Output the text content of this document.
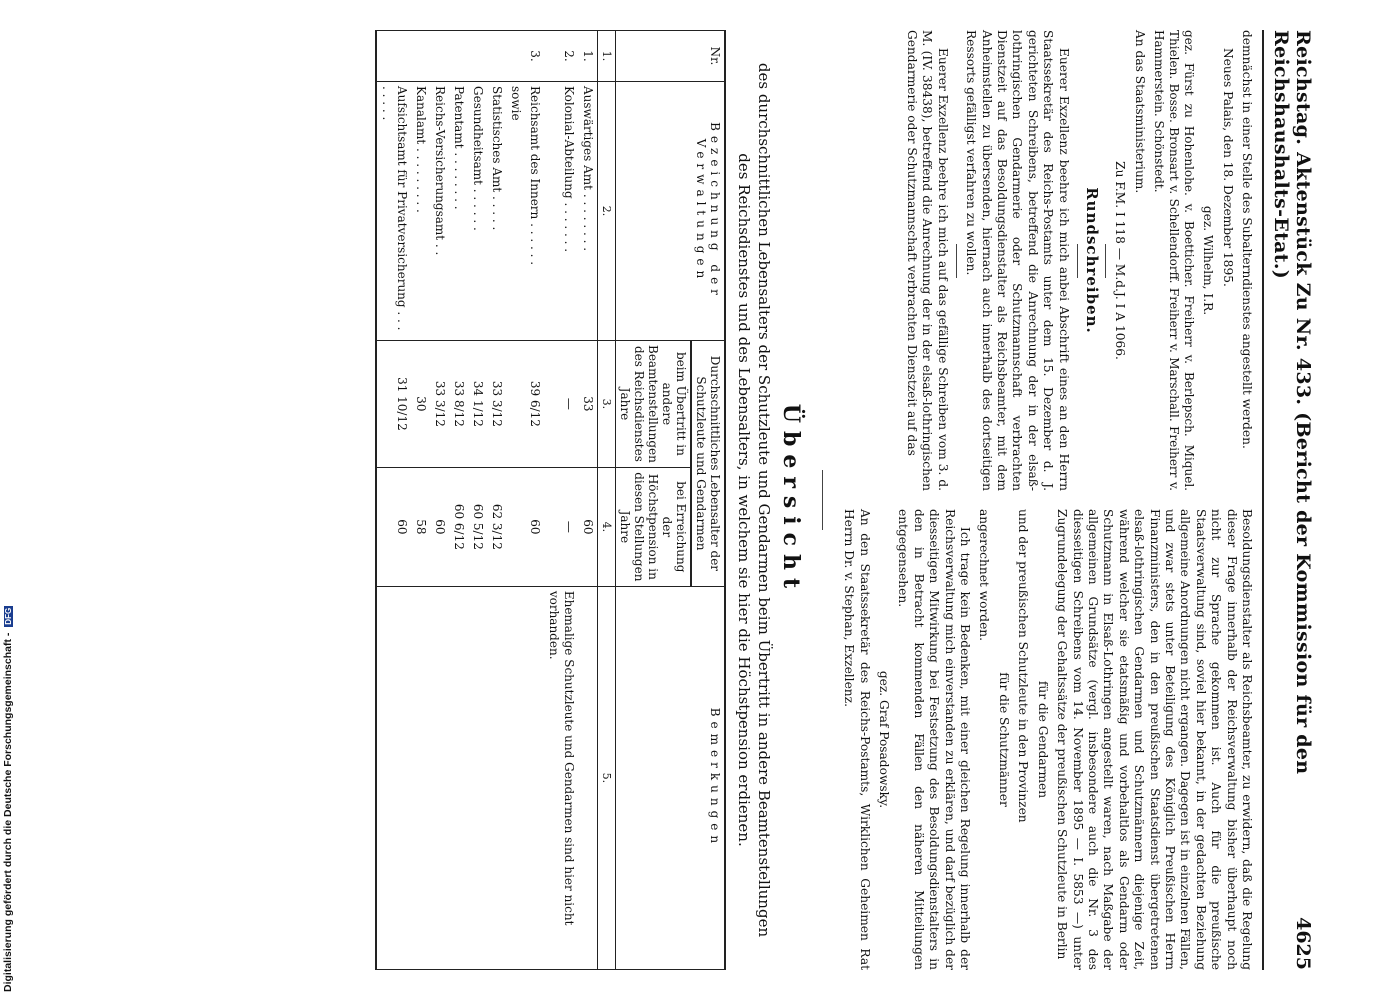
Reichstag. Aktenstück Zu Nr. 433. (Bericht der Kommission für den Reichshaushalts-Etat.)
4625

demnächst in einer Stelle des Subalterndienstes angestellt werden.

Neues Palais, den 18. Dezember 1895.

gez. Wilhelm, I.R.

gez. Fürst zu Hohenlohe. v. Boetticher. Freiherr v. Berlepsch. Miquel. Thielen. Bosse. Bronsart v. Schellendorff. Freiherr v. Marschall. Freiherr v. Hammerstein. Schönstedt.

An das Staatsministerium.

Zu F.M. I 118 — M.d.J. I A 1066.

Rundschreiben.

Euerer Exzellenz beehre ich mich anbei Abschrift eines an den Herrn Staatssekretär des Reichs-Postamts unter dem 15. Dezember d. J. gerichteten Schreibens, betreffend die Anrechnung der in der elsaß-lothringischen Gendarmerie oder Schutzmannschaft verbrachten Dienstzeit auf das Besoldungsdienstalter als Reichsbeamter, mit dem Anheimstellen zu übersenden, hiernach auch innerhalb des dortseitigen Ressorts gefälligst verfahren zu wollen.

Euerer Exzellenz beehre ich mich auf das gefällige Schreiben vom 3. d. M. (IV. 38438), betreffend die Anrechnung der in der elsaß-lothringischen Gendarmerie oder Schutzmannschaft verbrachten Dienstzeit auf das

Besoldungsdienstalter als Reichsbeamter, zu erwidern, daß die Regelung dieser Frage innerhalb der Reichsverwaltung bisher überhaupt noch nicht zur Sprache gekommen ist. Auch für die preußische Staatsverwaltung sind, soviel hier bekannt, in der gedachten Beziehung allgemeine Anordnungen nicht ergangen. Dagegen ist in einzelnen Fällen, und zwar stets unter Beteiligung des Königlich Preußischen Herrn Finanzministers, den in den preußischen Staatsdienst übergetretenen elsaß-lothringischen Gendarmen und Schutzmännern diejenige Zeit, während welcher sie etatsmäßig und vorbehaltlos als Gendarm oder Schutzmann in Elsaß-Lothringen angestellt waren, nach Maßgabe der allgemeinen Grundsätze (vergl. insbesondere auch die Nr. 3 des diesseitigen Schreibens vom 14. November 1895 — I. 5853 —) unter Zugrundelegung der Gehaltssätze der preußischen Schutzleute in Berlin

für die Gendarmen

und der preußischen Schutzleute in den Provinzen

für die Schutzmänner

angerechnet worden.

Ich trage kein Bedenken, mit einer gleichen Regelung innerhalb der Reichsverwaltung mich einverstanden zu erklären, und darf bezüglich der diesseitigen Mitwirkung bei Festsetzung des Besoldungsdienstalters in den in Betracht kommenden Fällen den näheren Mitteilungen entgegensehen.

gez. Graf Posadowsky.

An den Staatssekretär des Reichs-Postamts, Wirklichen Geheimen Rat Herrn Dr. v. Stephan, Exzellenz.

Übersicht
des durchschnittlichen Lebensalters der Schutzleute und Gendarmen beim Übertritt in andere Beamtenstellungen des Reichsdienstes und des Lebensalters, in welchem sie hier die Höchstpension erdienen.
Nr.	Bezeichnung der Verwaltungen	Durchschnittliches Lebensalter der Schutzleute und Gendarmen		Bemerkungen
		beim Übertritt in andere Beamtenstellungen des Reichsdienstes Jahre	bei Erreichung der Höchstpension in diesen Stellungen Jahre	
1.	2.	3.	4.	5.
1.	Auswärtiges Amt . . . . . . . .	33	60	
2.	Kolonial-Abteilung . . . . . . .	—	—	Ehemalige Schutzleute und Gendarmen sind hier nicht vorhanden.
3.	Reichsamt des Innern . . . . . .	39 6/12	60	
	sowie			
	Statistisches Amt . . . . .	33 3/12	62 3/12	
	Gesundheitsamt . . . . . .	34 1/12	60 5/12	
	Patentamt . . . . . . . .	33 8/12	60 6/12	
	Reichs-Versicherungsamt . .	33 3/12	60	
	Kanalamt . . . . . . . . .	30	58	
	Aufsichtsamt für Privatversicherung . . . . . . . .	31 10/12	60	
Digitalisierung gefördert durch die Deutsche Forschungsgemeinschaft - DFG
